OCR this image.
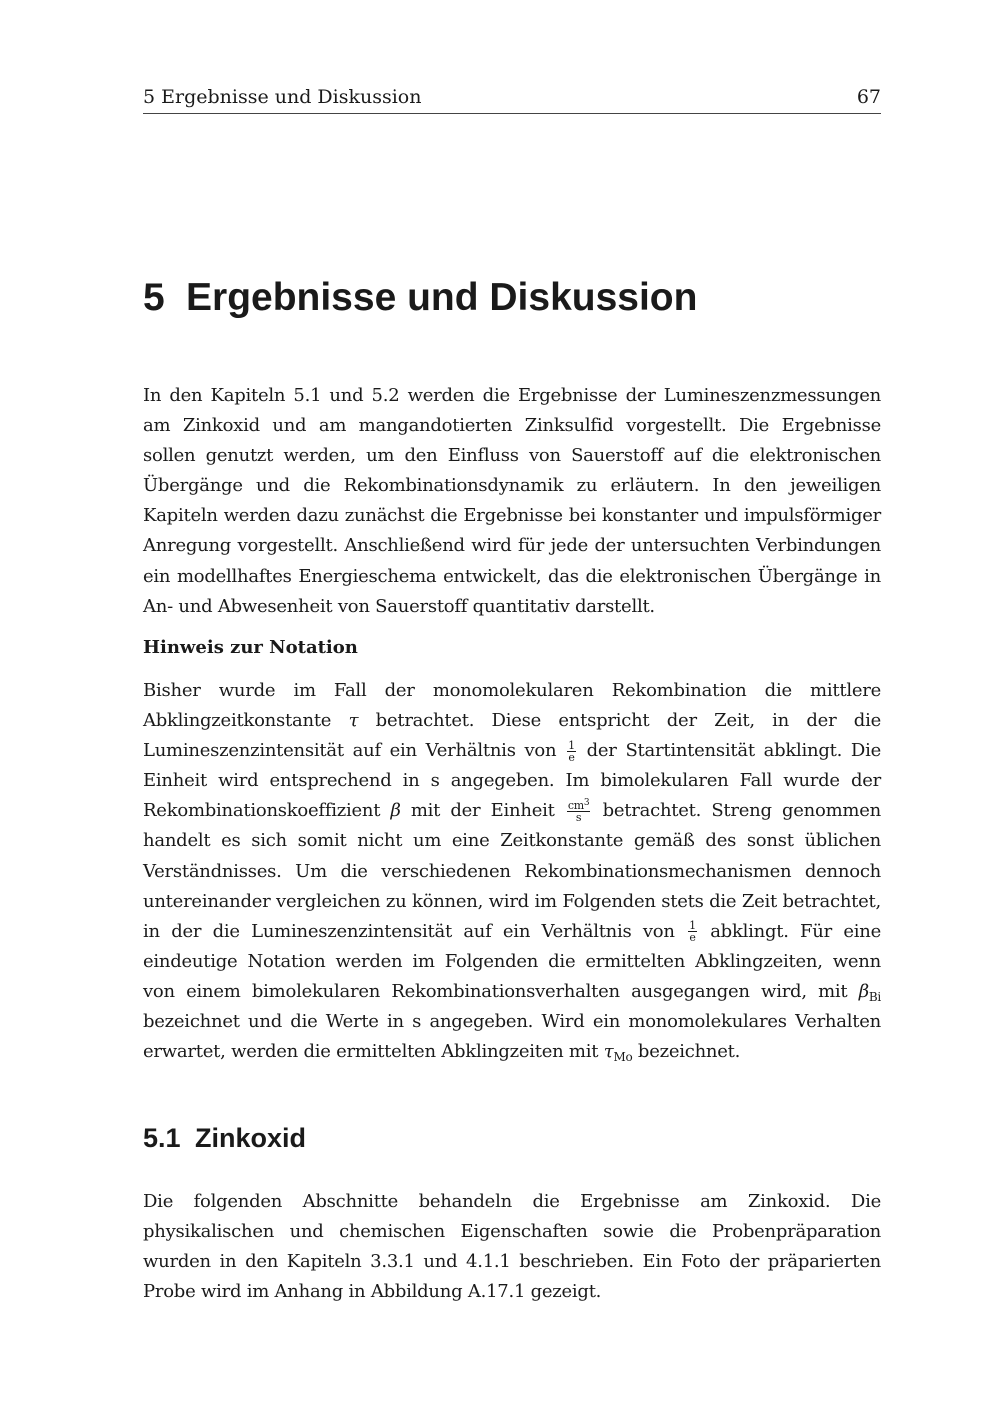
5 Ergebnisse und Diskussion	67
5 Ergebnisse und Diskussion

In den Kapiteln 5.1 und 5.2 werden die Ergebnisse der Lumineszenzmessungen am Zinkoxid und am mangandotierten Zinksulfid vorgestellt. Die Ergebnisse sollen genutzt werden, um den Einfluss von Sauerstoff auf die elektronischen Übergänge und die Rekombinationsdynamik zu erläutern. In den jeweiligen Kapiteln werden dazu zunächst die Ergebnisse bei konstanter und impulsförmiger Anregung vorgestellt. Anschließend wird für jede der untersuchten Verbindungen ein modellhaftes Energieschema entwickelt, das die elektronischen Übergänge in An- und Abwesenheit von Sauerstoff quantitativ darstellt.

Hinweis zur Notation

Bisher wurde im Fall der monomolekularen Rekombination die mittlere Abklingzeitkonstante τ betrachtet. Diese entspricht der Zeit, in der die Lumineszenzintensität auf ein Verhältnis von $\frac{1}{e}$ der Startintensität abklingt. Die Einheit wird entsprechend in s angegeben. Im bimolekularen Fall wurde der Rekombinationskoeffizient β mit der Einheit $\frac{cm^3}{s}$ betrachtet. Streng genommen handelt es sich somit nicht um eine Zeitkonstante gemäß des sonst üblichen Verständnisses. Um die verschiedenen Rekombinationsmechanismen dennoch untereinander vergleichen zu können, wird im Folgenden stets die Zeit betrachtet, in der die Lumineszenzintensität auf ein Verhältnis von $\frac{1}{e}$ abklingt. Für eine eindeutige Notation werden im Folgenden die ermittelten Abklingzeiten, wenn von einem bimolekularen Rekombinationsverhalten ausgegangen wird, mit $\beta_{Bi}$ bezeichnet und die Werte in s angegeben. Wird ein monomolekulares Verhalten erwartet, werden die ermittelten Abklingzeiten mit $\tau_{Mo}$ bezeichnet.

5.1 Zinkoxid

Die folgenden Abschnitte behandeln die Ergebnisse am Zinkoxid. Die physikalischen und chemischen Eigenschaften sowie die Probenpräparation wurden in den Kapiteln 3.3.1 und 4.1.1 beschrieben. Ein Foto der präparierten Probe wird im Anhang in Abbildung A.17.1 gezeigt.
